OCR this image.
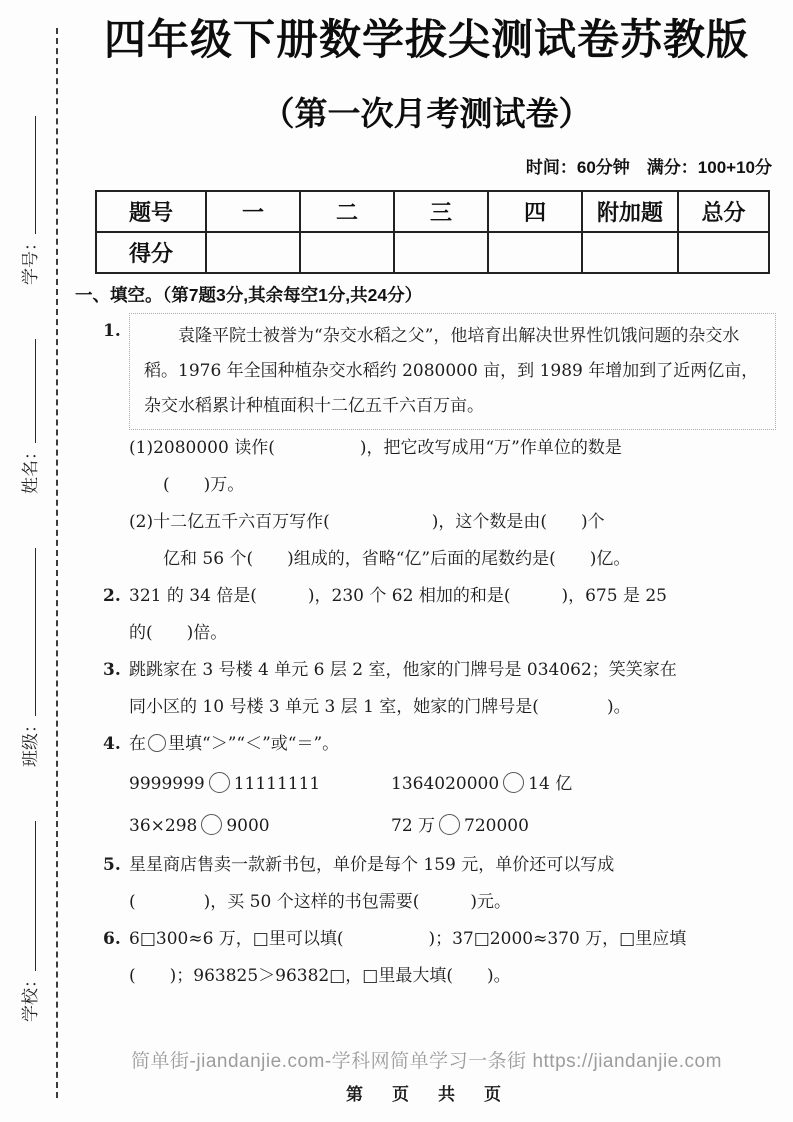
学校：
班级：
姓名：
学号：
四年级下册数学拔尖测试卷苏教版
（第一次月考测试卷）
时间：60分钟　满分：100+10分
题号	一	二	三	四	附加题	总分
得分						
一、填空。（第7题3分,其余每空1分,共24分）
1.	袁隆平院士被誉为“杂交水稻之父”，他培育出解决世界性饥饿问题的杂交水稻。1976 年全国种植杂交水稻约 2080000 亩，到 1989 年增加到了近两亿亩，杂交水稻累计种植面积十二亿五千六百万亩。
(1)2080000 读作(　　　　　)，把它改写成用“万”作单位的数是
(　　)万。
(2)十二亿五千六百万写作(　　　　　　)，这个数是由(　　)个
亿和 56 个(　　)组成的，省略“亿”后面的尾数约是(　　)亿。
2. 321 的 34 倍是(　　　)，230 个 62 相加的和是(　　　)，675 是 25
的(　　)倍。
3. 跳跳家在 3 号楼 4 单元 6 层 2 室，他家的门牌号是 034062；笑笑家在
同小区的 10 号楼 3 单元 3 层 1 室，她家的门牌号是(　　　　)。
4. 在 里填“＞”“＜”或“＝”。
9999999 11111111	1364020000 14 亿
36×298 9000	72 万 720000
5. 星星商店售卖一款新书包，单价是每个 159 元，单价还可以写成
(　　　　)，买 50 个这样的书包需要(　　　)元。
6. 6□300≈6 万，□里可以填(　　　　　)；37□2000≈370 万，□里应填
(　　)；963825＞96382□，□里最大填(　　)。
简单街-jiandanjie.com-学科网简单学习一条街 https://jiandanjie.com
第　页　共　页
